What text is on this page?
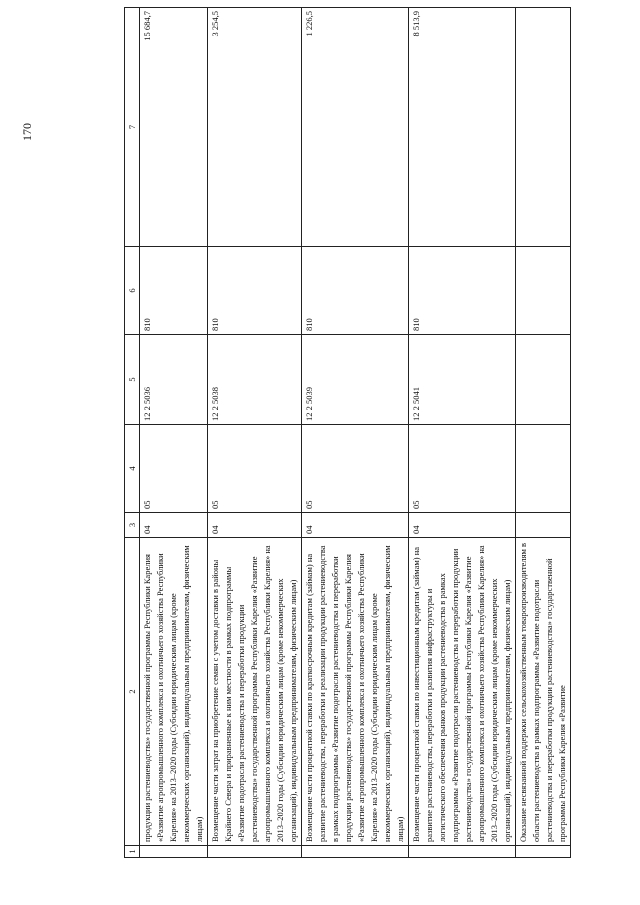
170
1	2	3	4	5	6	7
	продукции растениеводства» государственной программы Республики Карелия «Развитие агропромышленного комплекса и охотничьего хозяйства Республики Карелия» на 2013–2020 годы (Субсидии юридическим лицам (кроме некоммерческих организаций), индивидуальным предпринимателям, физическим лицам)	04	05	12 2 5036	810	15 684,7
	Возмещение части затрат на приобретение семян с учетом доставки в районы Крайнего Севера и приравненные к ним местности в рамках подпрограммы «Развитие подотрасли растениеводства и переработки продукции растениеводства» государственной программы Республики Карелия «Развитие агропромышленного комплекса и охотничьего хозяйства Республики Карелия» на 2013–2020 годы (Субсидии юридическим лицам (кроме некоммерческих организаций), индивидуальным предпринимателям, физическим лицам)	04	05	12 2 5038	810	3 254,5
	Возмещение части процентной ставки по краткосрочным кредитам (займам) на развитие растениеводства, переработки и реализации продукции растениеводства в рамках подпрограммы «Развитие подотрасли растениеводства и переработки продукции растениеводства» государственной программы Республики Карелия «Развитие агропромышленного комплекса и охотничьего хозяйства Республики Карелия» на 2013–2020 годы (Субсидии юридическим лицам (кроме некоммерческих организаций), индивидуальным предпринимателям, физическим лицам)	04	05	12 2 5039	810	1 226,5
	Возмещение части процентной ставки по инвестиционным кредитам (займам) на развитие растениеводства, переработки и развития инфраструктуры и логистического обеспечения рынков продукции растениеводства в рамках подпрограммы «Развитие подотрасли растениеводства и переработки продукции растениеводства» государственной программы Республики Карелия «Развитие агропромышленного комплекса и охотничьего хозяйства Республики Карелия» на 2013–2020 годы (Субсидии юридическим лицам (кроме некоммерческих организаций), индивидуальным предпринимателям, физическим лицам)	04	05	12 2 5041	810	8 513,9
	Оказание несвязанной поддержки сельскохозяйственным товаропроизводителям в области растениеводства в рамках подпрограммы «Развитие подотрасли растениеводства и переработки продукции растениеводства» государственной программы Республики Карелия «Развитие					
